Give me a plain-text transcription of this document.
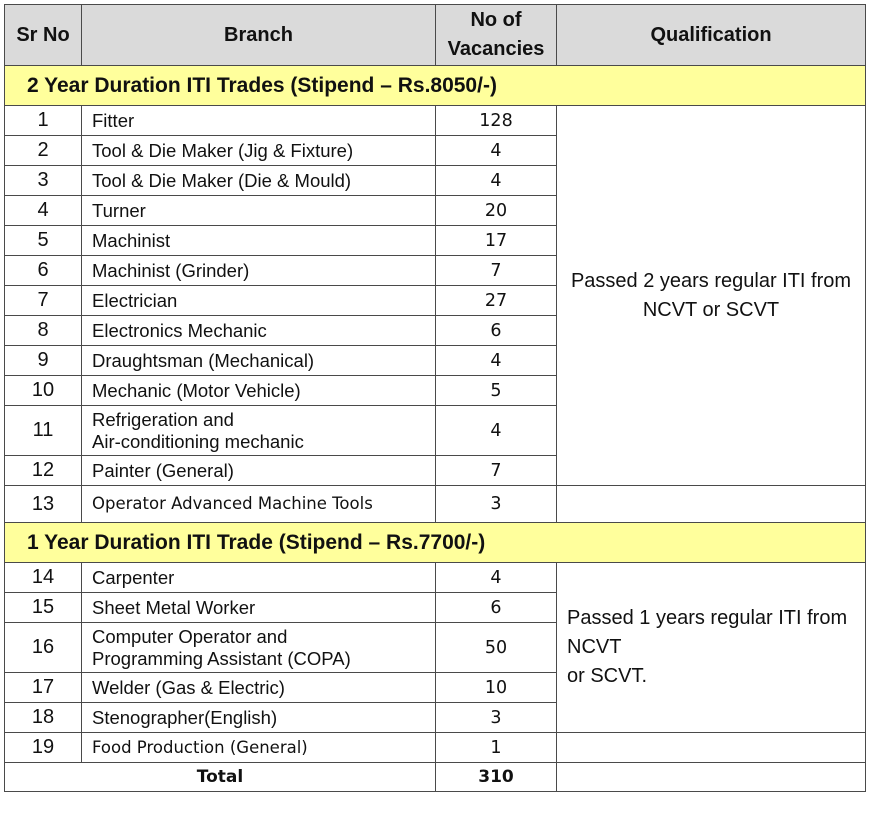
Sr No	Branch	No of
Vacancies	Qualification
2 Year Duration ITI Trades (Stipend – Rs.8050/-)			
1	Fitter	128	Passed 2 years regular ITI from
NCVT or SCVT
2	Tool & Die Maker (Jig & Fixture)	4	
3	Tool & Die Maker (Die & Mould)	4	
4	Turner	20	
5	Machinist	17	
6	Machinist (Grinder)	7	
7	Electrician	27	
8	Electronics Mechanic	6	
9	Draughtsman (Mechanical)	4	
10	Mechanic (Motor Vehicle)	5	
11	Refrigeration and
Air-conditioning mechanic	4	
12	Painter (General)	7	
13	Operator Advanced Machine Tools	3	
1 Year Duration ITI Trade (Stipend – Rs.7700/-)			
14	Carpenter	4	Passed 1 years regular ITI from NCVT
or SCVT.
15	Sheet Metal Worker	6	
16	Computer Operator and
Programming Assistant (COPA)	50	
17	Welder (Gas & Electric)	10	
18	Stenographer(English)	3	
19	Food Production (General)	1	
Total		310	
